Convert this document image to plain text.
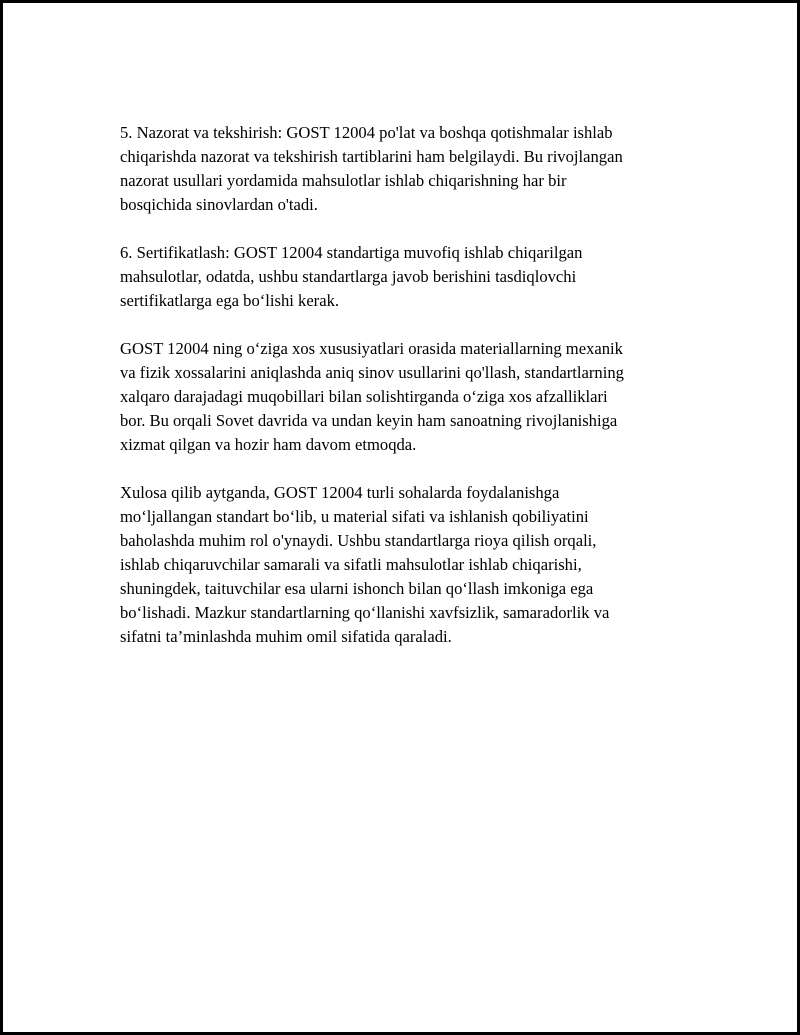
5. Nazorat va tekshirish: GOST 12004 po'lat va boshqa qotishmalar ishlab
chiqarishda nazorat va tekshirish tartiblarini ham belgilaydi. Bu rivojlangan
nazorat usullari yordamida mahsulotlar ishlab chiqarishning har bir
bosqichida sinovlardan o'tadi.

6. Sertifikatlash: GOST 12004 standartiga muvofiq ishlab chiqarilgan
mahsulotlar, odatda, ushbu standartlarga javob berishini tasdiqlovchi
sertifikatlarga ega bo‘lishi kerak.

GOST 12004 ning o‘ziga xos xususiyatlari orasida materiallarning mexanik
va fizik xossalarini aniqlashda aniq sinov usullarini qo'llash, standartlarning
xalqaro darajadagi muqobillari bilan solishtirganda o‘ziga xos afzalliklari
bor. Bu orqali Sovet davrida va undan keyin ham sanoatning rivojlanishiga
xizmat qilgan va hozir ham davom etmoqda.

Xulosa qilib aytganda, GOST 12004 turli sohalarda foydalanishga
mo‘ljallangan standart bo‘lib, u material sifati va ishlanish qobiliyatini
baholashda muhim rol o'ynaydi. Ushbu standartlarga rioya qilish orqali,
ishlab chiqaruvchilar samarali va sifatli mahsulotlar ishlab chiqarishi,
shuningdek, taituvchilar esa ularni ishonch bilan qo‘llash imkoniga ega
bo‘lishadi. Mazkur standartlarning qo‘llanishi xavfsizlik, samaradorlik va
sifatni ta’minlashda muhim omil sifatida qaraladi.
